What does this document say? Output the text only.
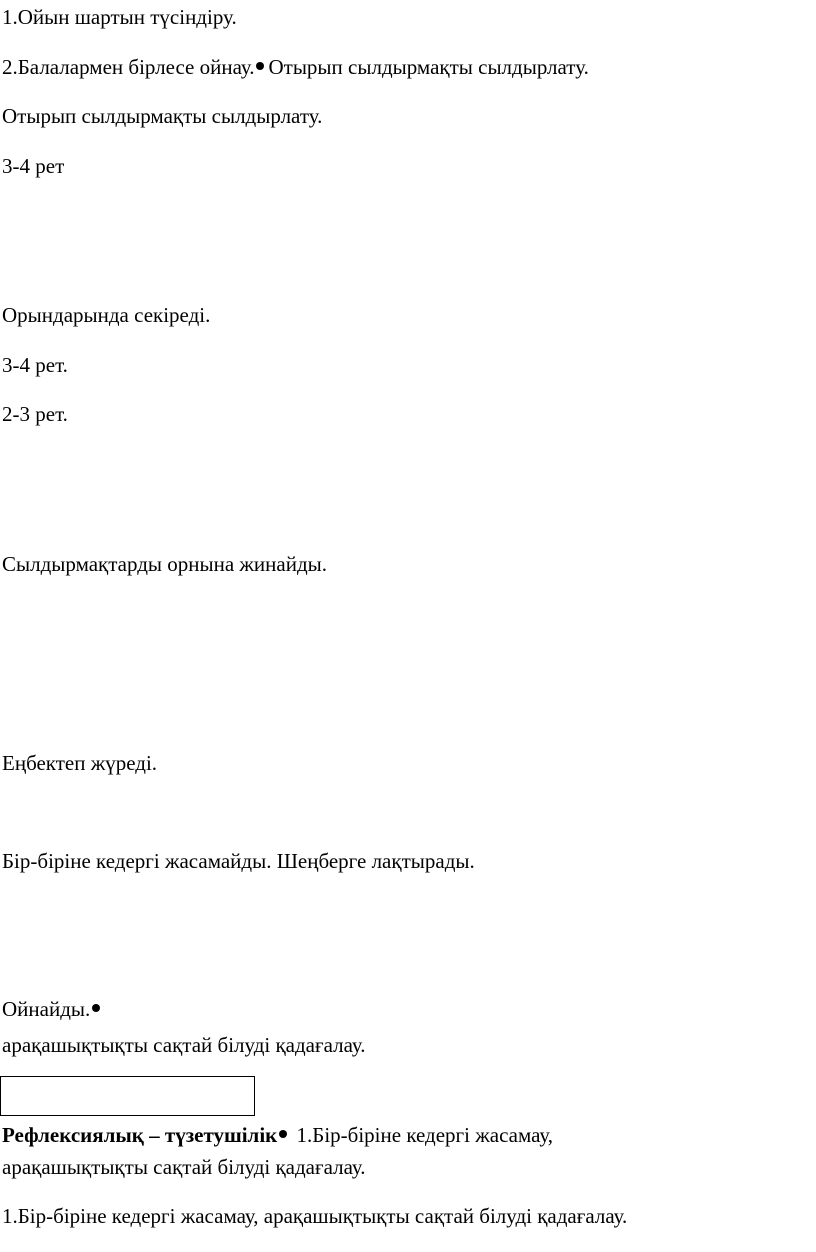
1.Ойын шартын түсіндіру.
2.Балалармен бірлесе ойнау. Отырып сылдырмақты сылдырлату.
Отырып сылдырмақты сылдырлату.
3-4 рет
Орындарында секіреді.
3-4 рет.
2-3 рет.
Сылдырмақтарды орнына жинайды.
Еңбектеп жүреді.
Бір-біріне кедергі жасамайды. Шеңберге лақтырады.
Ойнайды.
арақашықтықты сақтай білуді қадағалау.
Рефлексиялық – түзетушілік 1.Бір-біріне кедергі жасамау,
арақашықтықты сақтай білуді қадағалау.
1.Бір-біріне кедергі жасамау, арақашықтықты сақтай білуді қадағалау.
